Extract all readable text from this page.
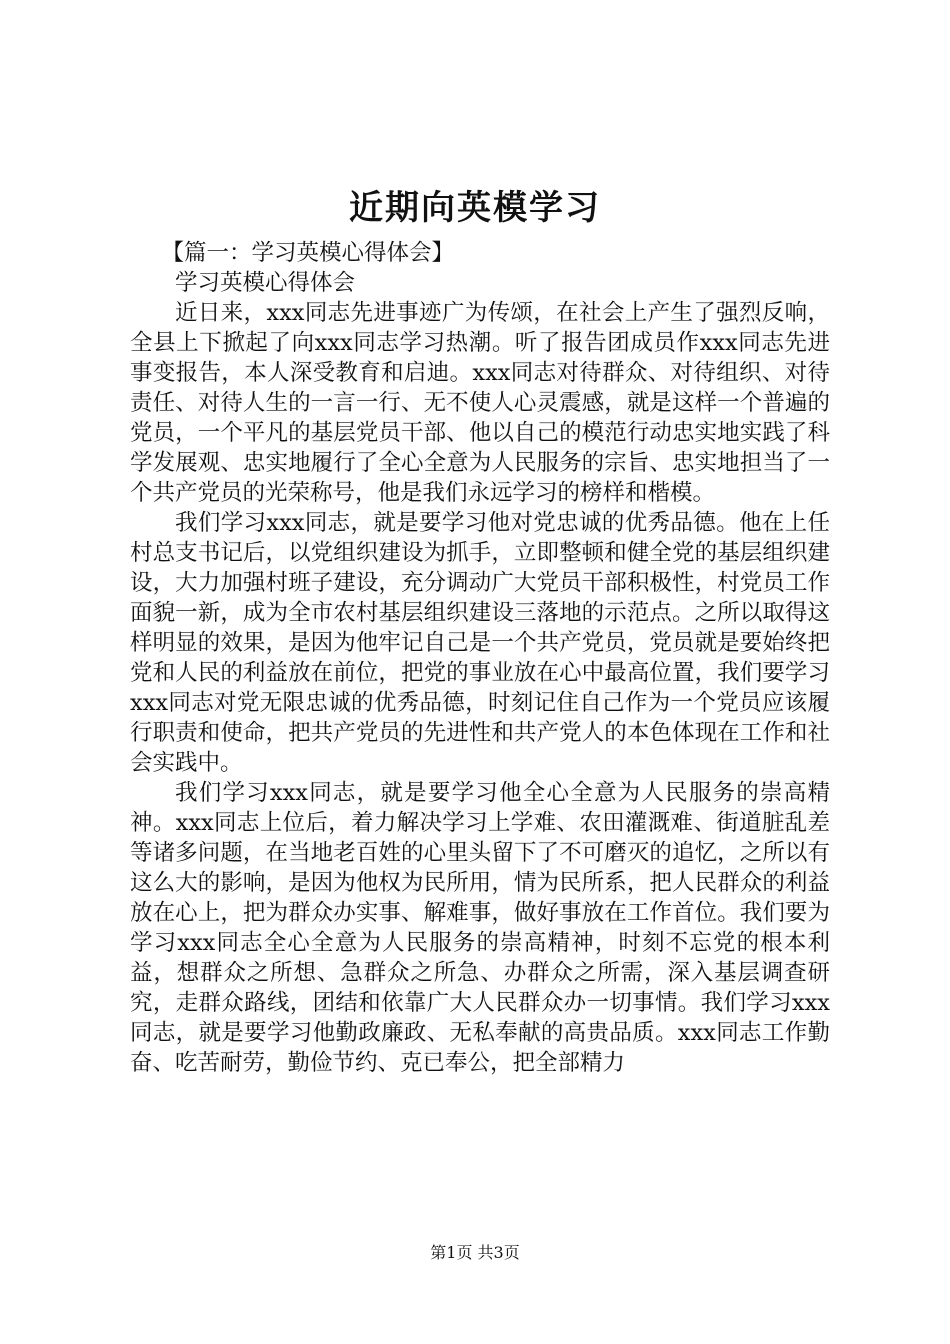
近期向英模学习

【篇一：学习英模心得体会】

学习英模心得体会

近日来，xxx同志先进事迹广为传颂，在社会上产生了强烈反响，全县上下掀起了向xxx同志学习热潮。听了报告团成员作xxx同志先进事变报告，本人深受教育和启迪。xxx同志对待群众、对待组织、对待责任、对待人生的一言一行、无不使人心灵震感，就是这样一个普遍的党员，一个平凡的基层党员干部、他以自己的模范行动忠实地实践了科学发展观、忠实地履行了全心全意为人民服务的宗旨、忠实地担当了一个共产党员的光荣称号，他是我们永远学习的榜样和楷模。

我们学习xxx同志，就是要学习他对党忠诚的优秀品德。他在上任村总支书记后，以党组织建设为抓手，立即整顿和健全党的基层组织建设，大力加强村班子建设，充分调动广大党员干部积极性，村党员工作面貌一新，成为全市农村基层组织建设三落地的示范点。之所以取得这样明显的效果，是因为他牢记自己是一个共产党员，党员就是要始终把党和人民的利益放在前位，把党的事业放在心中最高位置，我们要学习xxx同志对党无限忠诚的优秀品德，时刻记住自己作为一个党员应该履行职责和使命，把共产党员的先进性和共产党人的本色体现在工作和社会实践中。

我们学习xxx同志，就是要学习他全心全意为人民服务的崇高精神。xxx同志上位后，着力解决学习上学难、农田灌溉难、街道脏乱差等诸多问题，在当地老百姓的心里头留下了不可磨灭的追忆，之所以有这么大的影响，是因为他权为民所用，情为民所系，把人民群众的利益放在心上，把为群众办实事、解难事，做好事放在工作首位。我们要为学习xxx同志全心全意为人民服务的崇高精神，时刻不忘党的根本利益，想群众之所想、急群众之所急、办群众之所需，深入基层调查研究，走群众路线，团结和依靠广大人民群众办一切事情。我们学习xxx同志，就是要学习他勤政廉政、无私奉献的高贵品质。xxx同志工作勤奋、吃苦耐劳，勤俭节约、克已奉公，把全部精力

第1页 共3页
